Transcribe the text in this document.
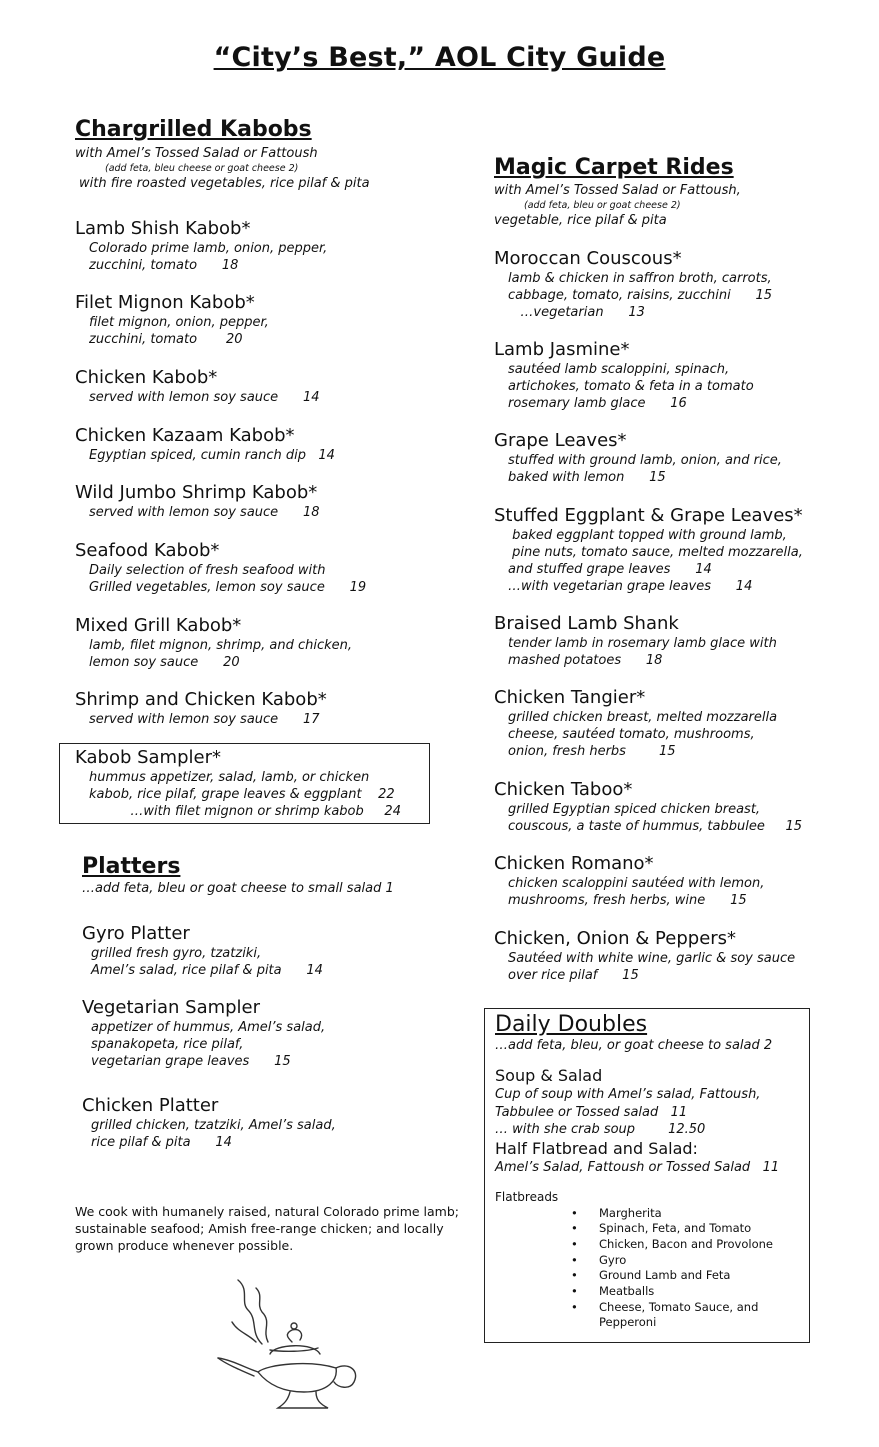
“City’s Best,” AOL City Guide
Chargrilled Kabobs
with Amel’s Tossed Salad or Fattoush
(add feta, bleu cheese or goat cheese 2)
with fire roasted vegetables, rice pilaf & pita
Lamb Shish Kabob*
Colorado prime lamb, onion, pepper,
zucchini, tomato      18
Filet Mignon Kabob*
filet mignon, onion, pepper,
zucchini, tomato       20
Chicken Kabob*
served with lemon soy sauce      14
Chicken Kazaam Kabob*
Egyptian spiced, cumin ranch dip   14
Wild Jumbo Shrimp Kabob*
served with lemon soy sauce      18
Seafood Kabob*
Daily selection of fresh seafood with
Grilled vegetables, lemon soy sauce      19
Mixed Grill Kabob*
lamb, filet mignon, shrimp, and chicken,
lemon soy sauce      20
Shrimp and Chicken Kabob*
served with lemon soy sauce      17
Kabob Sampler*
hummus appetizer, salad, lamb, or chicken
kabob, rice pilaf, grape leaves & eggplant    22
…with filet mignon or shrimp kabob     24
Platters
…add feta, bleu or goat cheese to small salad 1
Gyro Platter
grilled fresh gyro, tzatziki,
Amel’s salad, rice pilaf & pita      14
Vegetarian Sampler
appetizer of hummus, Amel’s salad,
spanakopeta, rice pilaf,
vegetarian grape leaves      15
Chicken Platter
grilled chicken, tzatziki, Amel’s salad,
rice pilaf & pita      14
We cook with humanely raised, natural Colorado prime lamb; sustainable seafood; Amish free-range chicken; and locally grown produce whenever possible.
Magic Carpet Rides
with Amel’s Tossed Salad or Fattoush,
(add feta, bleu or goat cheese 2)
vegetable, rice pilaf & pita
Moroccan Couscous*
lamb & chicken in saffron broth, carrots,
cabbage, tomato, raisins, zucchini      15
…vegetarian      13
Lamb Jasmine*
sautéed lamb scaloppini, spinach,
artichokes, tomato & feta in a tomato
rosemary lamb glace      16
Grape Leaves*
stuffed with ground lamb, onion, and rice,
baked with lemon      15
Stuffed Eggplant & Grape Leaves*
baked eggplant topped with ground lamb,
pine nuts, tomato sauce, melted mozzarella,
and stuffed grape leaves      14
…with vegetarian grape leaves      14
Braised Lamb Shank
tender lamb in rosemary lamb glace with
mashed potatoes      18
Chicken Tangier*
grilled chicken breast, melted mozzarella
cheese, sautéed tomato, mushrooms,
onion, fresh herbs        15
Chicken Taboo*
grilled Egyptian spiced chicken breast,
couscous, a taste of hummus, tabbulee     15
Chicken Romano*
chicken scaloppini sautéed with lemon,
mushrooms, fresh herbs, wine      15
Chicken, Onion & Peppers*
Sautéed with white wine, garlic & soy sauce
over rice pilaf      15
Daily Doubles
…add feta, bleu, or goat cheese to salad 2
Soup & Salad
Cup of soup with Amel’s salad, Fattoush,
Tabbulee or Tossed salad   11
… with she crab soup        12.50
Half Flatbread and Salad:
Amel’s Salad, Fattoush or Tossed Salad   11
Flatbreads
• Margherita
• Spinach, Feta, and Tomato
• Chicken, Bacon and Provolone
• Gyro
• Ground Lamb and Feta
• Meatballs
• Cheese, Tomato Sauce, and Pepperoni
